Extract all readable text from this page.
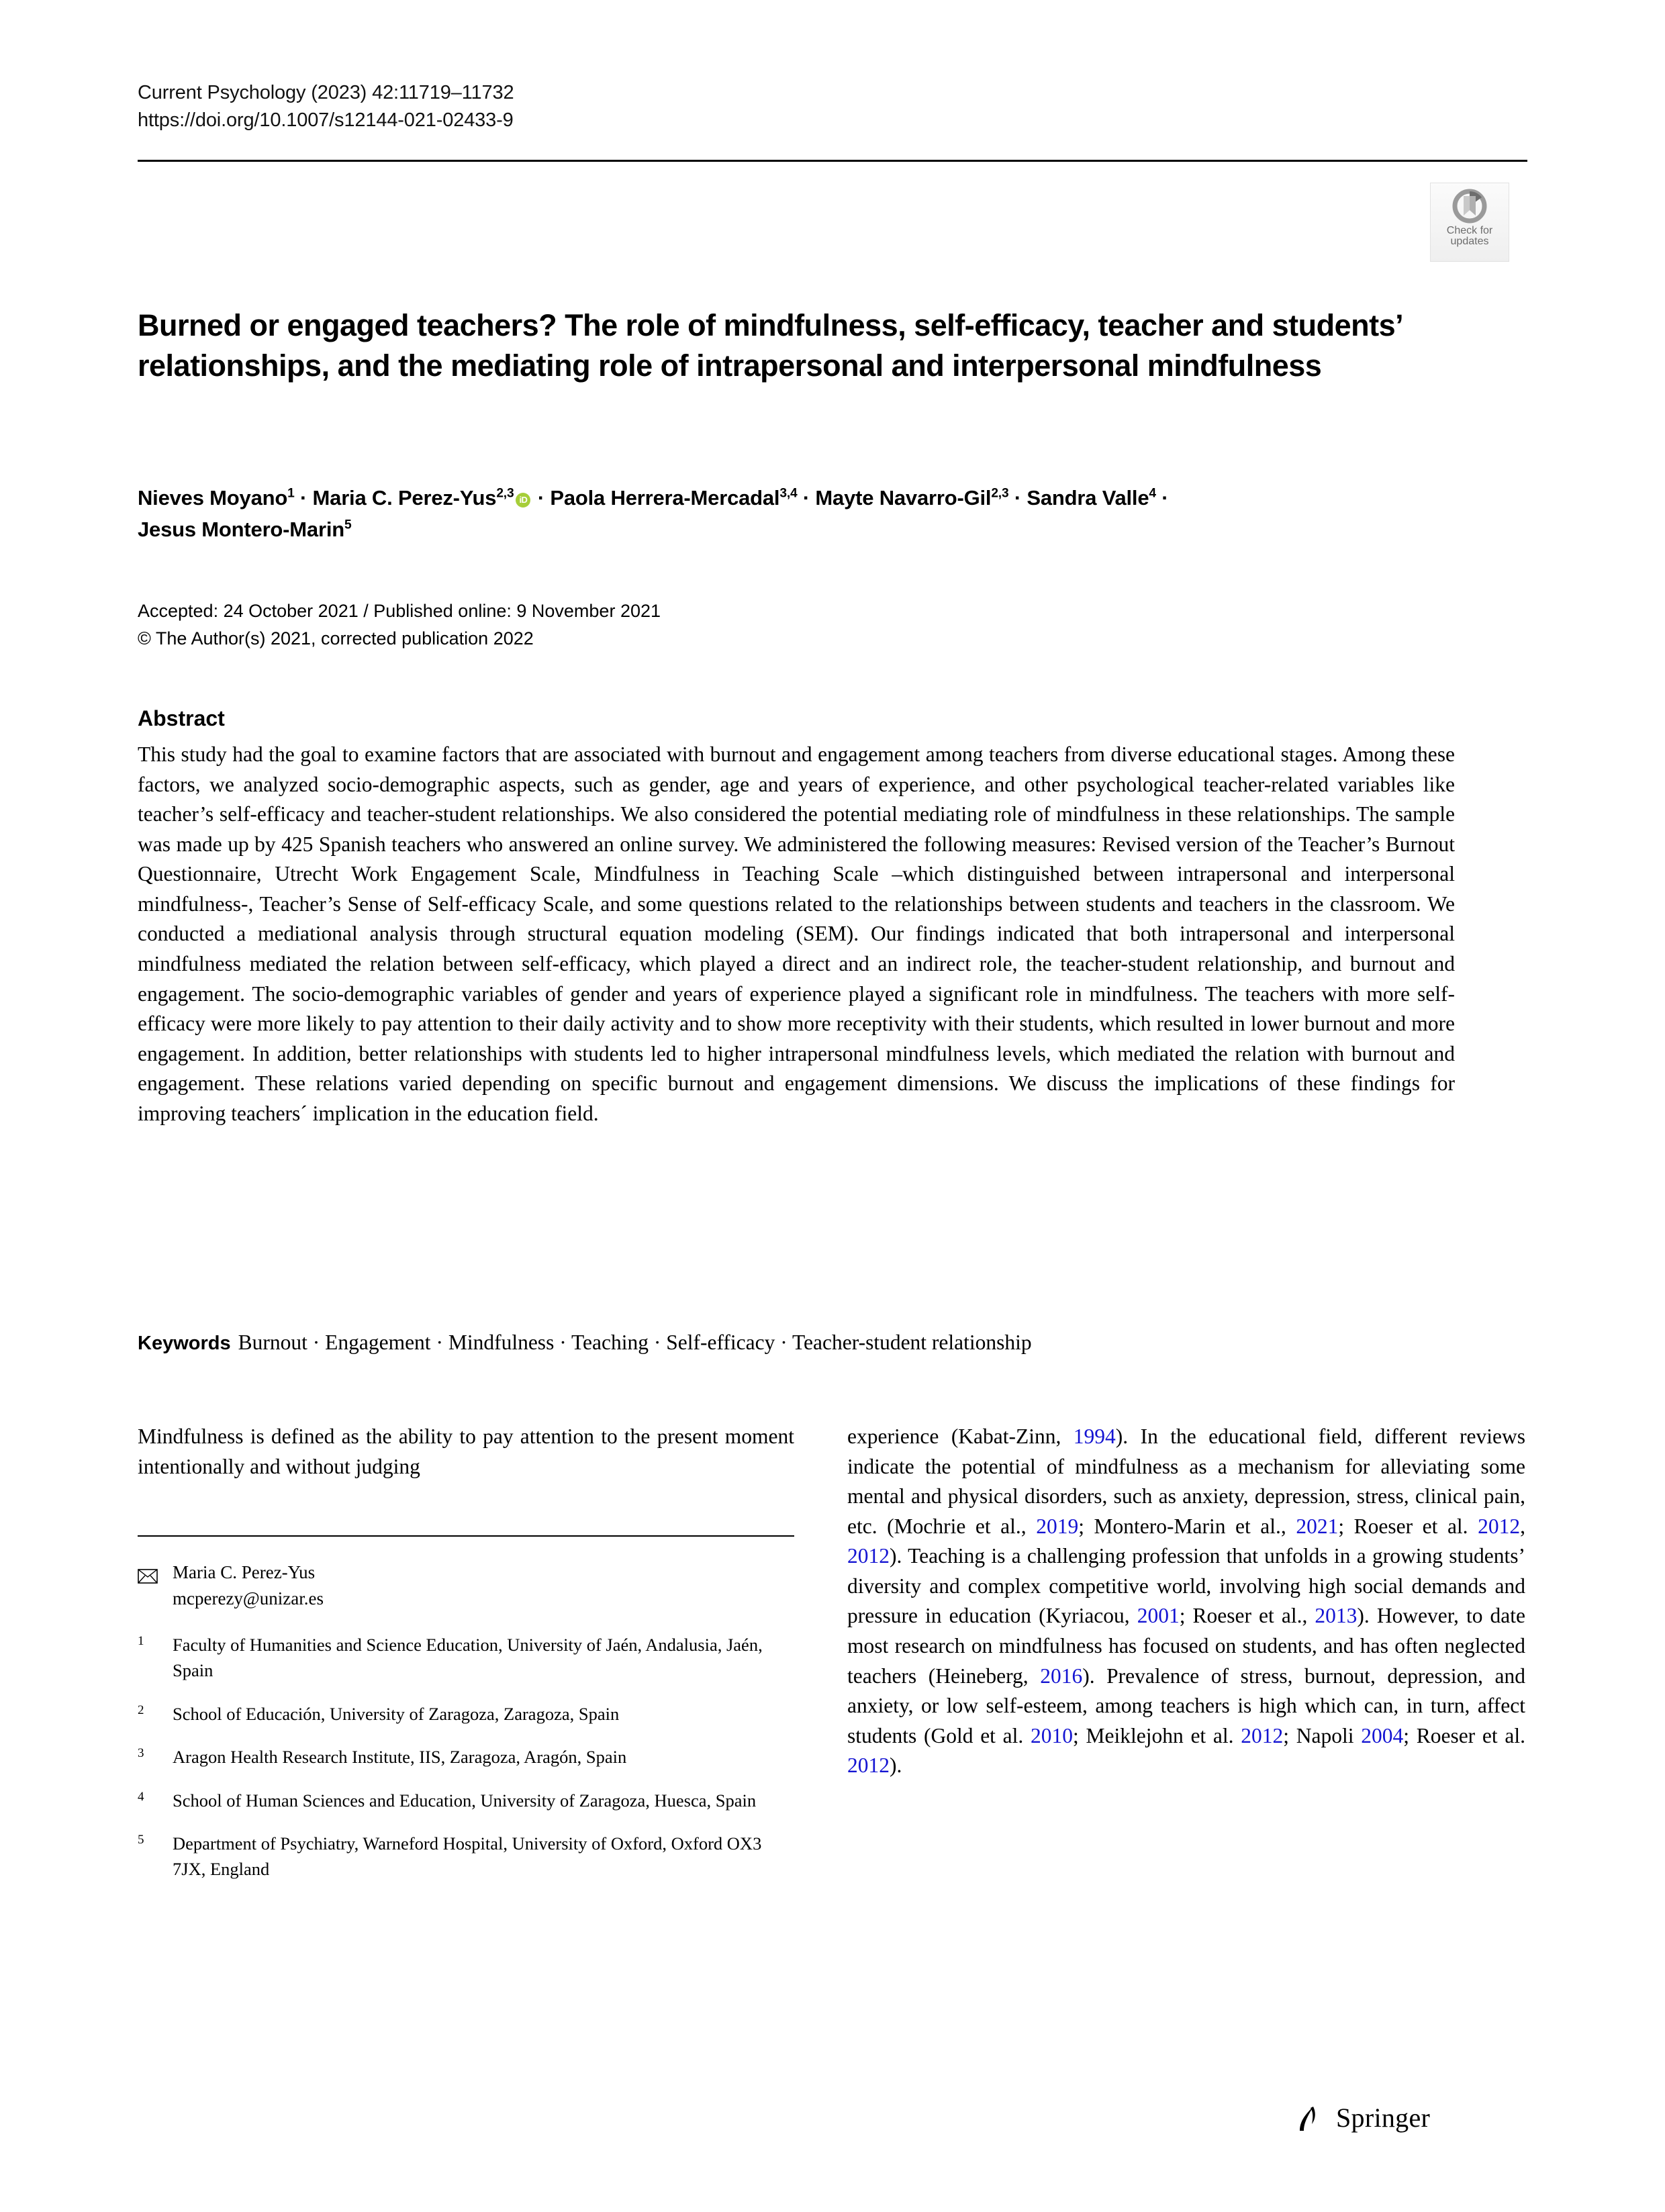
Current Psychology (2023) 42:11719–11732
https://doi.org/10.1007/s12144-021-02433-9
Check for
updates
Burned or engaged teachers? The role of mindfulness, self-efficacy, teacher and students’ relationships, and the mediating role of intrapersonal and interpersonal mindfulness
Nieves Moyano$^1$ · Maria C. Perez-Yus$^{2,3}$ iD · Paola Herrera-Mercadal$^{3,4}$ · Mayte Navarro-Gil$^{2,3}$ · Sandra Valle$^4$ ·
Jesus Montero-Marin$^5$
Accepted: 24 October 2021 / Published online: 9 November 2021
© The Author(s) 2021, corrected publication 2022
Abstract
This study had the goal to examine factors that are associated with burnout and engagement among teachers from diverse educational stages. Among these factors, we analyzed socio-demographic aspects, such as gender, age and years of experience, and other psychological teacher-related variables like teacher’s self-efficacy and teacher-student relationships. We also considered the potential mediating role of mindfulness in these relationships. The sample was made up by 425 Spanish teachers who answered an online survey. We administered the following measures: Revised version of the Teacher’s Burnout Questionnaire, Utrecht Work Engagement Scale, Mindfulness in Teaching Scale –which distinguished between intrapersonal and interpersonal mindfulness-, Teacher’s Sense of Self-efficacy Scale, and some questions related to the relationships between students and teachers in the classroom. We conducted a mediational analysis through structural equation modeling (SEM). Our findings indicated that both intrapersonal and interpersonal mindfulness mediated the relation between self-efficacy, which played a direct and an indirect role, the teacher-student relationship, and burnout and engagement. The socio-demographic variables of gender and years of experience played a significant role in mindfulness. The teachers with more self-efficacy were more likely to pay attention to their daily activity and to show more receptivity with their students, which resulted in lower burnout and more engagement. In addition, better relationships with students led to higher intrapersonal mindfulness levels, which mediated the relation with burnout and engagement. These relations varied depending on specific burnout and engagement dimensions. We discuss the implications of these findings for improving teachers´ implication in the education field.
Keywords Burnout · Engagement · Mindfulness · Teaching · Self-efficacy · Teacher-student relationship
Mindfulness is defined as the ability to pay attention to the present moment intentionally and without judging
Maria C. Perez-Yus
mcperezy@unizar.es
1	Faculty of Humanities and Science Education, University of Jaén, Andalusia, Jaén, Spain
2	School of Educación, University of Zaragoza, Zaragoza, Spain
3	Aragon Health Research Institute, IIS, Zaragoza, Aragón, Spain
4	School of Human Sciences and Education, University of Zaragoza, Huesca, Spain
5	Department of Psychiatry, Warneford Hospital, University of Oxford, Oxford OX3 7JX, England
experience (Kabat-Zinn, 1994). In the educational field, different reviews indicate the potential of mindfulness as a mechanism for alleviating some mental and physical disorders, such as anxiety, depression, stress, clinical pain, etc. (Mochrie et al., 2019; Montero-Marin et al., 2021; Roeser et al. 2012, 2012). Teaching is a challenging profession that unfolds in a growing students’ diversity and complex competitive world, involving high social demands and pressure in education (Kyriacou, 2001; Roeser et al., 2013). However, to date most research on mindfulness has focused on students, and has often neglected teachers (Heineberg, 2016). Prevalence of stress, burnout, depression, and anxiety, or low self-esteem, among teachers is high which can, in turn, affect students (Gold et al. 2010; Meiklejohn et al. 2012; Napoli 2004; Roeser et al. 2012).
Springer
